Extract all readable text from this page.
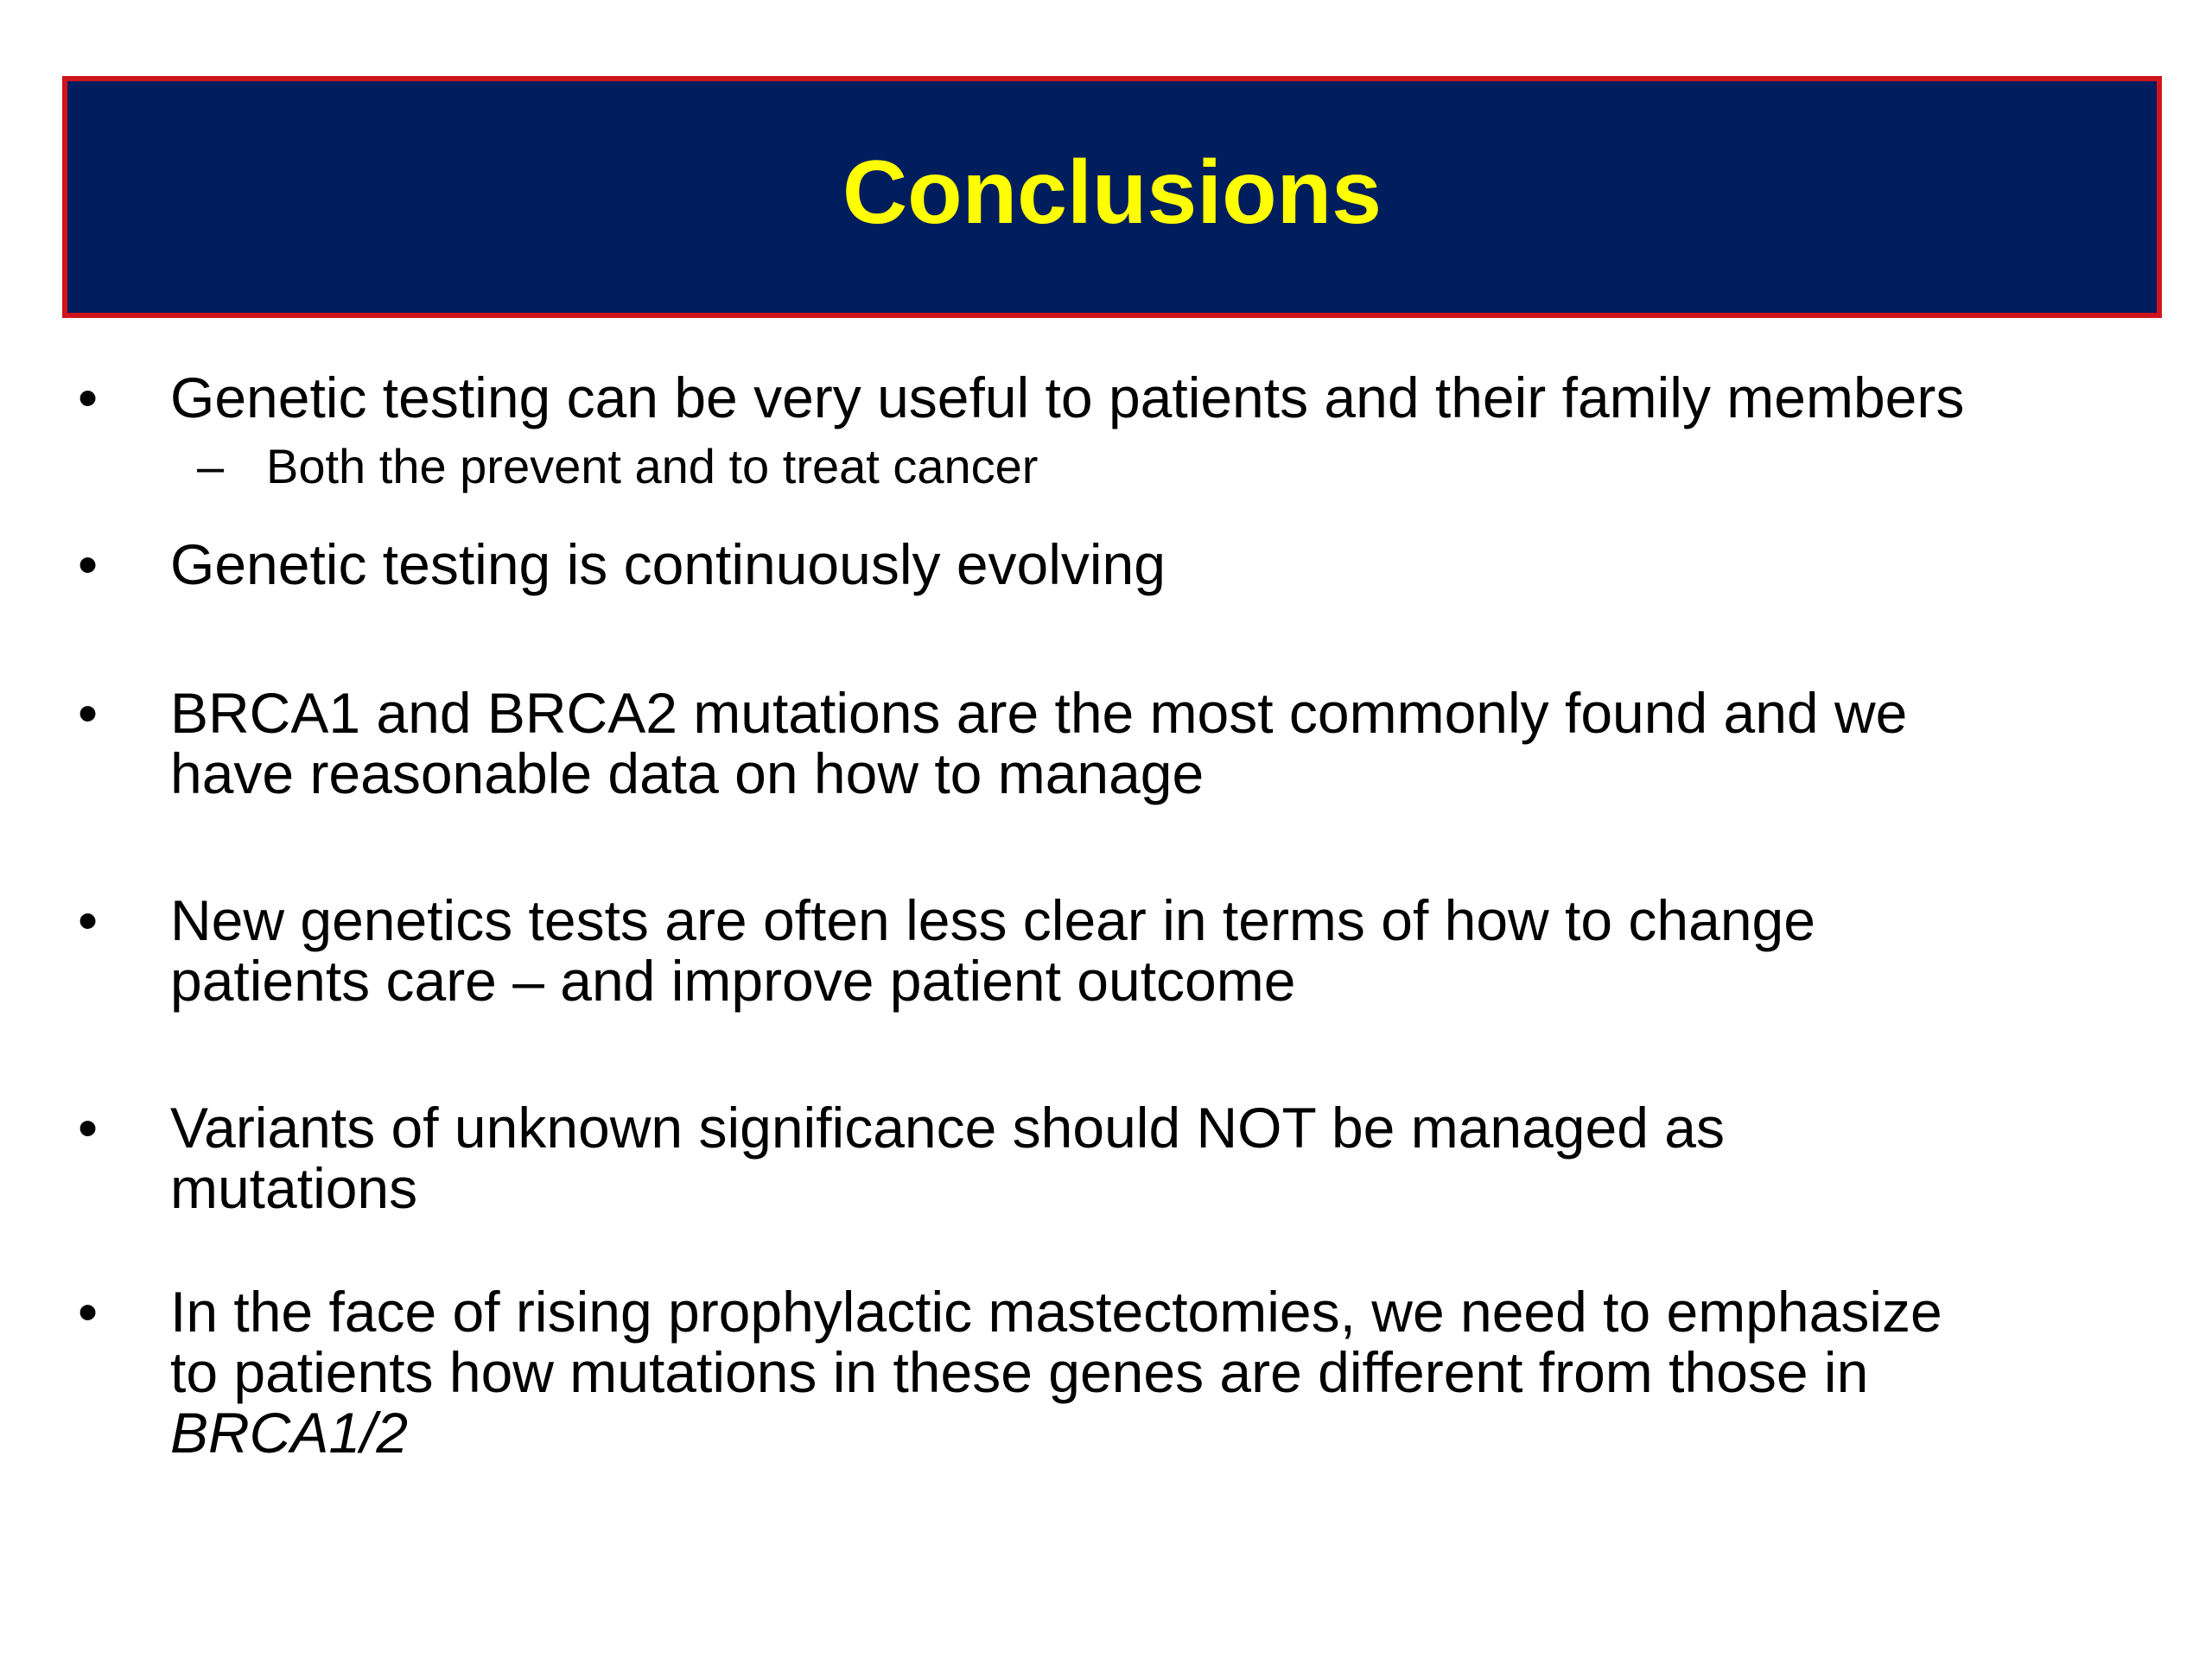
Conclusions
• Genetic testing can be very useful to patients and their family members
– Both the prevent and to treat cancer
• Genetic testing is continuously evolving
• BRCA1 and BRCA2 mutations are the most commonly found and we
have reasonable data on how to manage
• New genetics tests are often less clear in terms of how to change
patients care – and improve patient outcome
• Variants of unknown significance should NOT be managed as
mutations
• In the face of rising prophylactic mastectomies, we need to emphasize
to patients how mutations in these genes are different from those in
BRCA1/2
